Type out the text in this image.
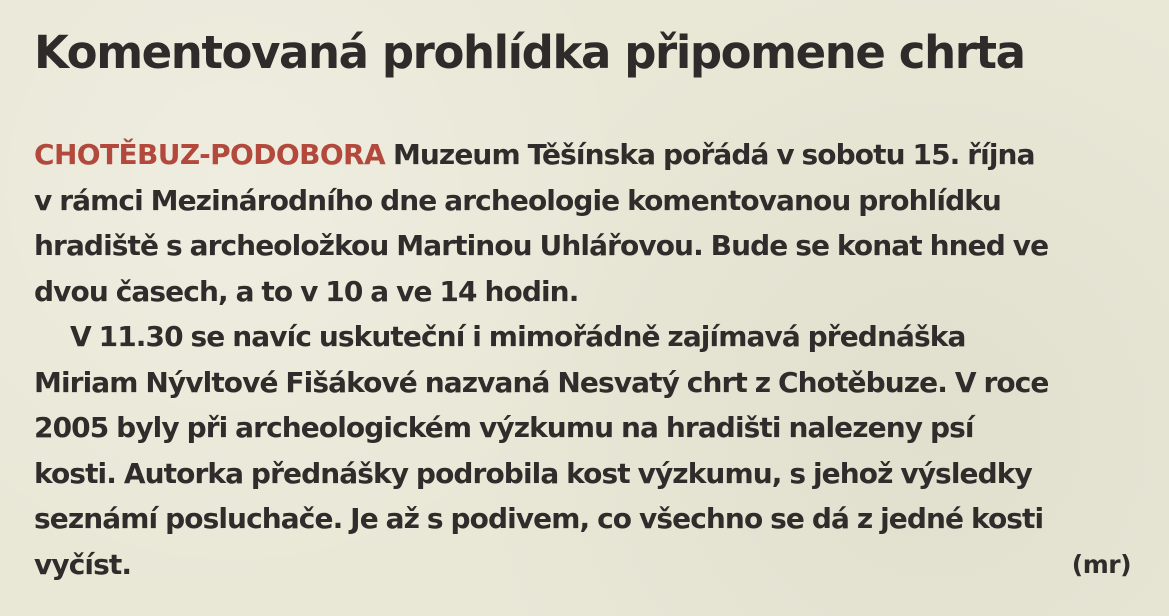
Komentovaná prohlídka připomene chrta
CHOTĚBUZ-PODOBORA Muzeum Těšínska pořádá v sobotu 15. října
v rámci Mezinárodního dne archeologie komentovanou prohlídku
hradiště s archeoložkou Martinou Uhlářovou. Bude se konat hned ve
dvou časech, a to v 10 a ve 14 hodin.
V 11.30 se navíc uskuteční i mimořádně zajímavá přednáška
Miriam Nývltové Fišákové nazvaná Nesvatý chrt z Chotěbuze. V roce
2005 byly při archeologickém výzkumu na hradišti nalezeny psí
kosti. Autorka přednášky podrobila kost výzkumu, s jehož výsledky
seznámí posluchače. Je až s podivem, co všechno se dá z jedné kosti
vyčíst.	(mr)
